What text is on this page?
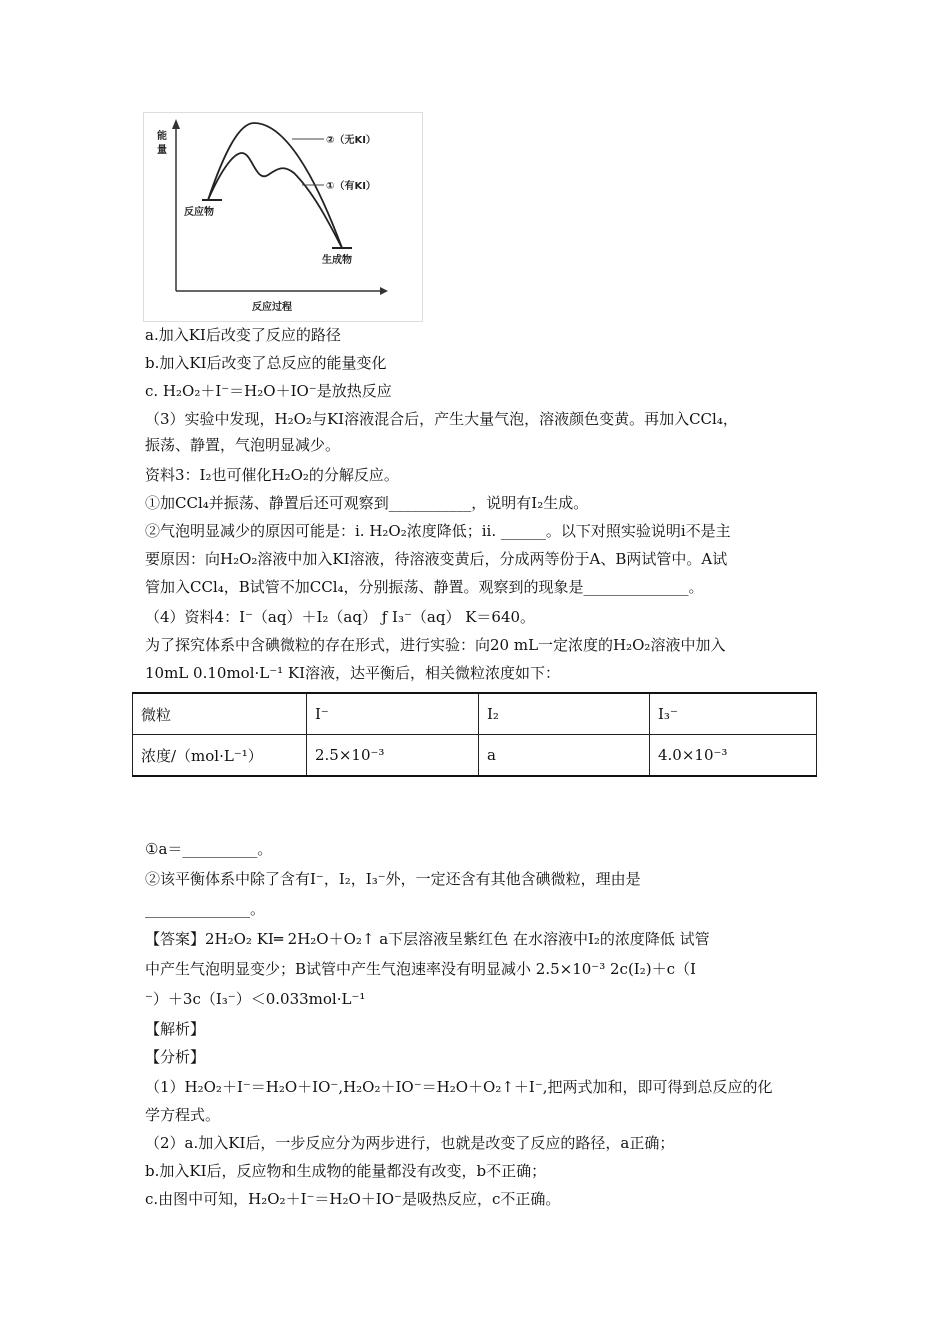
能
量
②（无KI）
①（有KI）
反应物
生成物
反应过程
a.加入KI后改变了反应的路径
b.加入KI后改变了总反应的能量变化
c. H₂O₂＋I⁻＝H₂O＋IO⁻是放热反应
（3）实验中发现，H₂O₂与KI溶液混合后，产生大量气泡，溶液颜色变黄。再加入CCl₄，
振荡、静置，气泡明显减少。
资料3：I₂也可催化H₂O₂的分解反应。
①加CCl₄并振荡、静置后还可观察到___________，说明有I₂生成。
②气泡明显减少的原因可能是：i. H₂O₂浓度降低；ii. ______。以下对照实验说明i不是主
要原因：向H₂O₂溶液中加入KI溶液，待溶液变黄后，分成两等份于A、B两试管中。A试
管加入CCl₄，B试管不加CCl₄，分别振荡、静置。观察到的现象是______________。
（4）资料4：I⁻（aq）＋I₂（aq） ƒ I₃⁻（aq） K＝640。
为了探究体系中含碘微粒的存在形式，进行实验：向20 mL一定浓度的H₂O₂溶液中加入
10mL 0.10mol·L⁻¹ KI溶液，达平衡后，相关微粒浓度如下：
微粒	I⁻	I₂	I₃⁻
浓度/（mol·L⁻¹）	2.5×10⁻³	a	4.0×10⁻³
①a＝__________。
②该平衡体系中除了含有I⁻，I₂，I₃⁻外，一定还含有其他含碘微粒，理由是
______________。
【答案】2H₂O₂ KI═ 2H₂O＋O₂↑ a下层溶液呈紫红色 在水溶液中I₂的浓度降低 试管
中产生气泡明显变少；B试管中产生气泡速率没有明显减小 2.5×10⁻³ 2c(I₂)＋c（I
⁻）＋3c（I₃⁻）＜0.033mol·L⁻¹
【解析】
【分析】
（1）H₂O₂＋I⁻＝H₂O＋IO⁻,H₂O₂＋IO⁻＝H₂O＋O₂↑＋I⁻,把两式加和，即可得到总反应的化
学方程式。
（2）a.加入KI后，一步反应分为两步进行，也就是改变了反应的路径，a正确；
b.加入KI后，反应物和生成物的能量都没有改变，b不正确；
c.由图中可知，H₂O₂＋I⁻＝H₂O＋IO⁻是吸热反应，c不正确。
